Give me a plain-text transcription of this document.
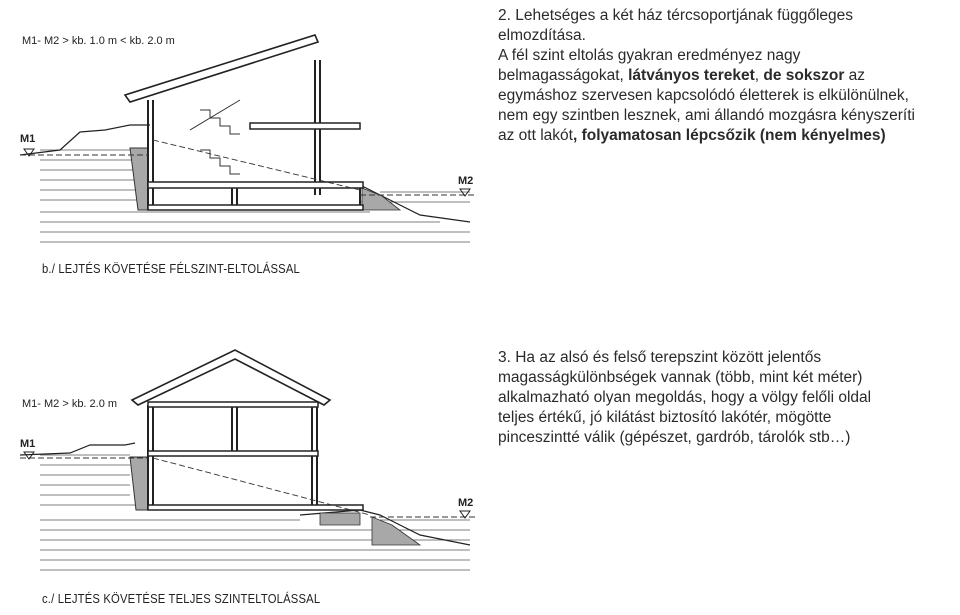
M1- M2 > kb. 1.0 m < kb. 2.0 m
M1
M2
b./ LEJTÉS KÖVETÉSE FÉLSZINT-ELTOLÁSSAL
M1- M2 > kb. 2.0 m
M1
M2
c./ LEJTÉS KÖVETÉSE TELJES SZINTELTOLÁSSAL

2. Lehetséges a két ház tércsoportjának függőleges

elmozdítása.

A fél szint eltolás gyakran eredményez nagy

belmagasságokat, látványos tereket, de sokszor az

egymáshoz szervesen kapcsolódó életterek is elkülönülnek,

nem egy szintben lesznek, ami állandó mozgásra kényszeríti

az ott lakót, folyamatosan lépcsőzik (nem kényelmes)

3. Ha az alsó és felső terepszint között jelentős

magasságkülönbségek vannak (több, mint két méter)

alkalmazható olyan megoldás, hogy a völgy felőli oldal

teljes értékű, jó kilátást biztosító lakótér, mögötte

pinceszintté válik (gépészet, gardrób, tárolók stb…)
